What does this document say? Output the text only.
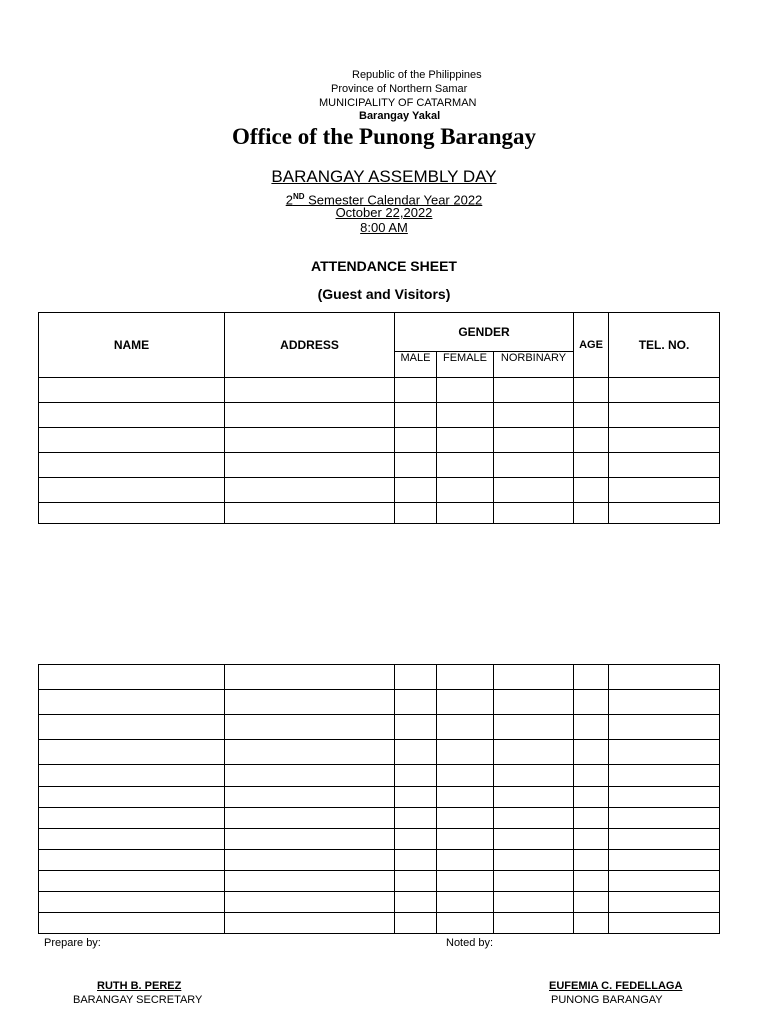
Republic of the Philippines
Province of Northern Samar
MUNICIPALITY OF CATARMAN
Barangay Yakal
Office of the Punong Barangay
BARANGAY ASSEMBLY DAY
2ND Semester Calendar Year 2022
October 22,2022
8:00 AM
ATTENDANCE SHEET
(Guest and Visitors)
NAME	ADDRESS	GENDER			AGE	TEL. NO.
		MALE	FEMALE	NORBINARY		

Prepare by:	Noted by:
RUTH B. PEREZ
BARANGAY SECRETARY
EUFEMIA C. FEDELLAGA
PUNONG BARANGAY
